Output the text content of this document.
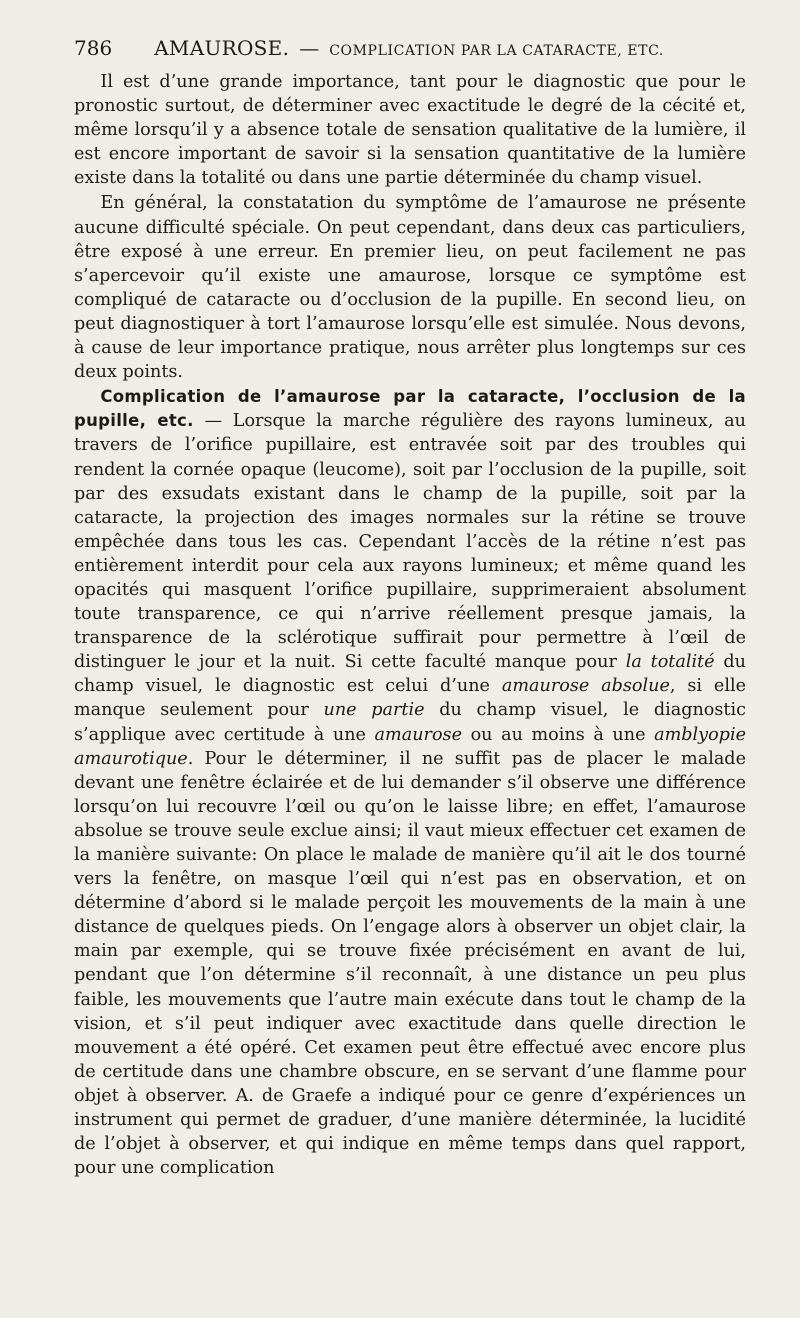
786 AMAUROSE. — COMPLICATION PAR LA CATARACTE, ETC.

Il est d’une grande importance, tant pour le diagnostic que pour le pronostic surtout, de déterminer avec exactitude le degré de la cécité et, même lorsqu’il y a absence totale de sensation qualitative de la lumière, il est encore important de savoir si la sensation quantitative de la lumière existe dans la totalité ou dans une partie déterminée du champ visuel.

En général, la constatation du symptôme de l’amaurose ne présente aucune difficulté spéciale. On peut cependant, dans deux cas particuliers, être exposé à une erreur. En premier lieu, on peut facilement ne pas s’apercevoir qu’il existe une amaurose, lorsque ce symptôme est compliqué de cataracte ou d’occlusion de la pupille. En second lieu, on peut diagnostiquer à tort l’amaurose lorsqu’elle est simulée. Nous devons, à cause de leur importance pratique, nous arrêter plus longtemps sur ces deux points.

Complication de l’amaurose par la cataracte, l’occlusion de la pupille, etc. — Lorsque la marche régulière des rayons lumineux, au travers de l’orifice pupillaire, est entravée soit par des troubles qui rendent la cornée opaque (leucome), soit par l’occlusion de la pupille, soit par des exsudats existant dans le champ de la pupille, soit par la cataracte, la projection des images normales sur la rétine se trouve empêchée dans tous les cas. Cependant l’accès de la rétine n’est pas entièrement interdit pour cela aux rayons lumineux; et même quand les opacités qui masquent l’orifice pupillaire, supprimeraient absolument toute transparence, ce qui n’arrive réellement presque jamais, la transparence de la sclérotique suffirait pour permettre à l’œil de distinguer le jour et la nuit. Si cette faculté manque pour la totalité du champ visuel, le diagnostic est celui d’une amaurose absolue, si elle manque seulement pour une partie du champ visuel, le diagnostic s’applique avec certitude à une amaurose ou au moins à une amblyopie amaurotique. Pour le déterminer, il ne suffit pas de placer le malade devant une fenêtre éclairée et de lui demander s’il observe une différence lorsqu’on lui recouvre l’œil ou qu’on le laisse libre; en effet, l’amaurose absolue se trouve seule exclue ainsi; il vaut mieux effectuer cet examen de la manière suivante: On place le malade de manière qu’il ait le dos tourné vers la fenêtre, on masque l’œil qui n’est pas en observation, et on détermine d’abord si le malade perçoit les mouvements de la main à une distance de quelques pieds. On l’engage alors à observer un objet clair, la main par exemple, qui se trouve fixée précisément en avant de lui, pendant que l’on détermine s’il reconnaît, à une distance un peu plus faible, les mouvements que l’autre main exécute dans tout le champ de la vision, et s’il peut indiquer avec exactitude dans quelle direction le mouvement a été opéré. Cet examen peut être effectué avec encore plus de certitude dans une chambre obscure, en se servant d’une flamme pour objet à observer. A. de Graefe a indiqué pour ce genre d’expériences un instrument qui permet de graduer, d’une manière déterminée, la lucidité de l’objet à observer, et qui indique en même temps dans quel rapport, pour une complication
